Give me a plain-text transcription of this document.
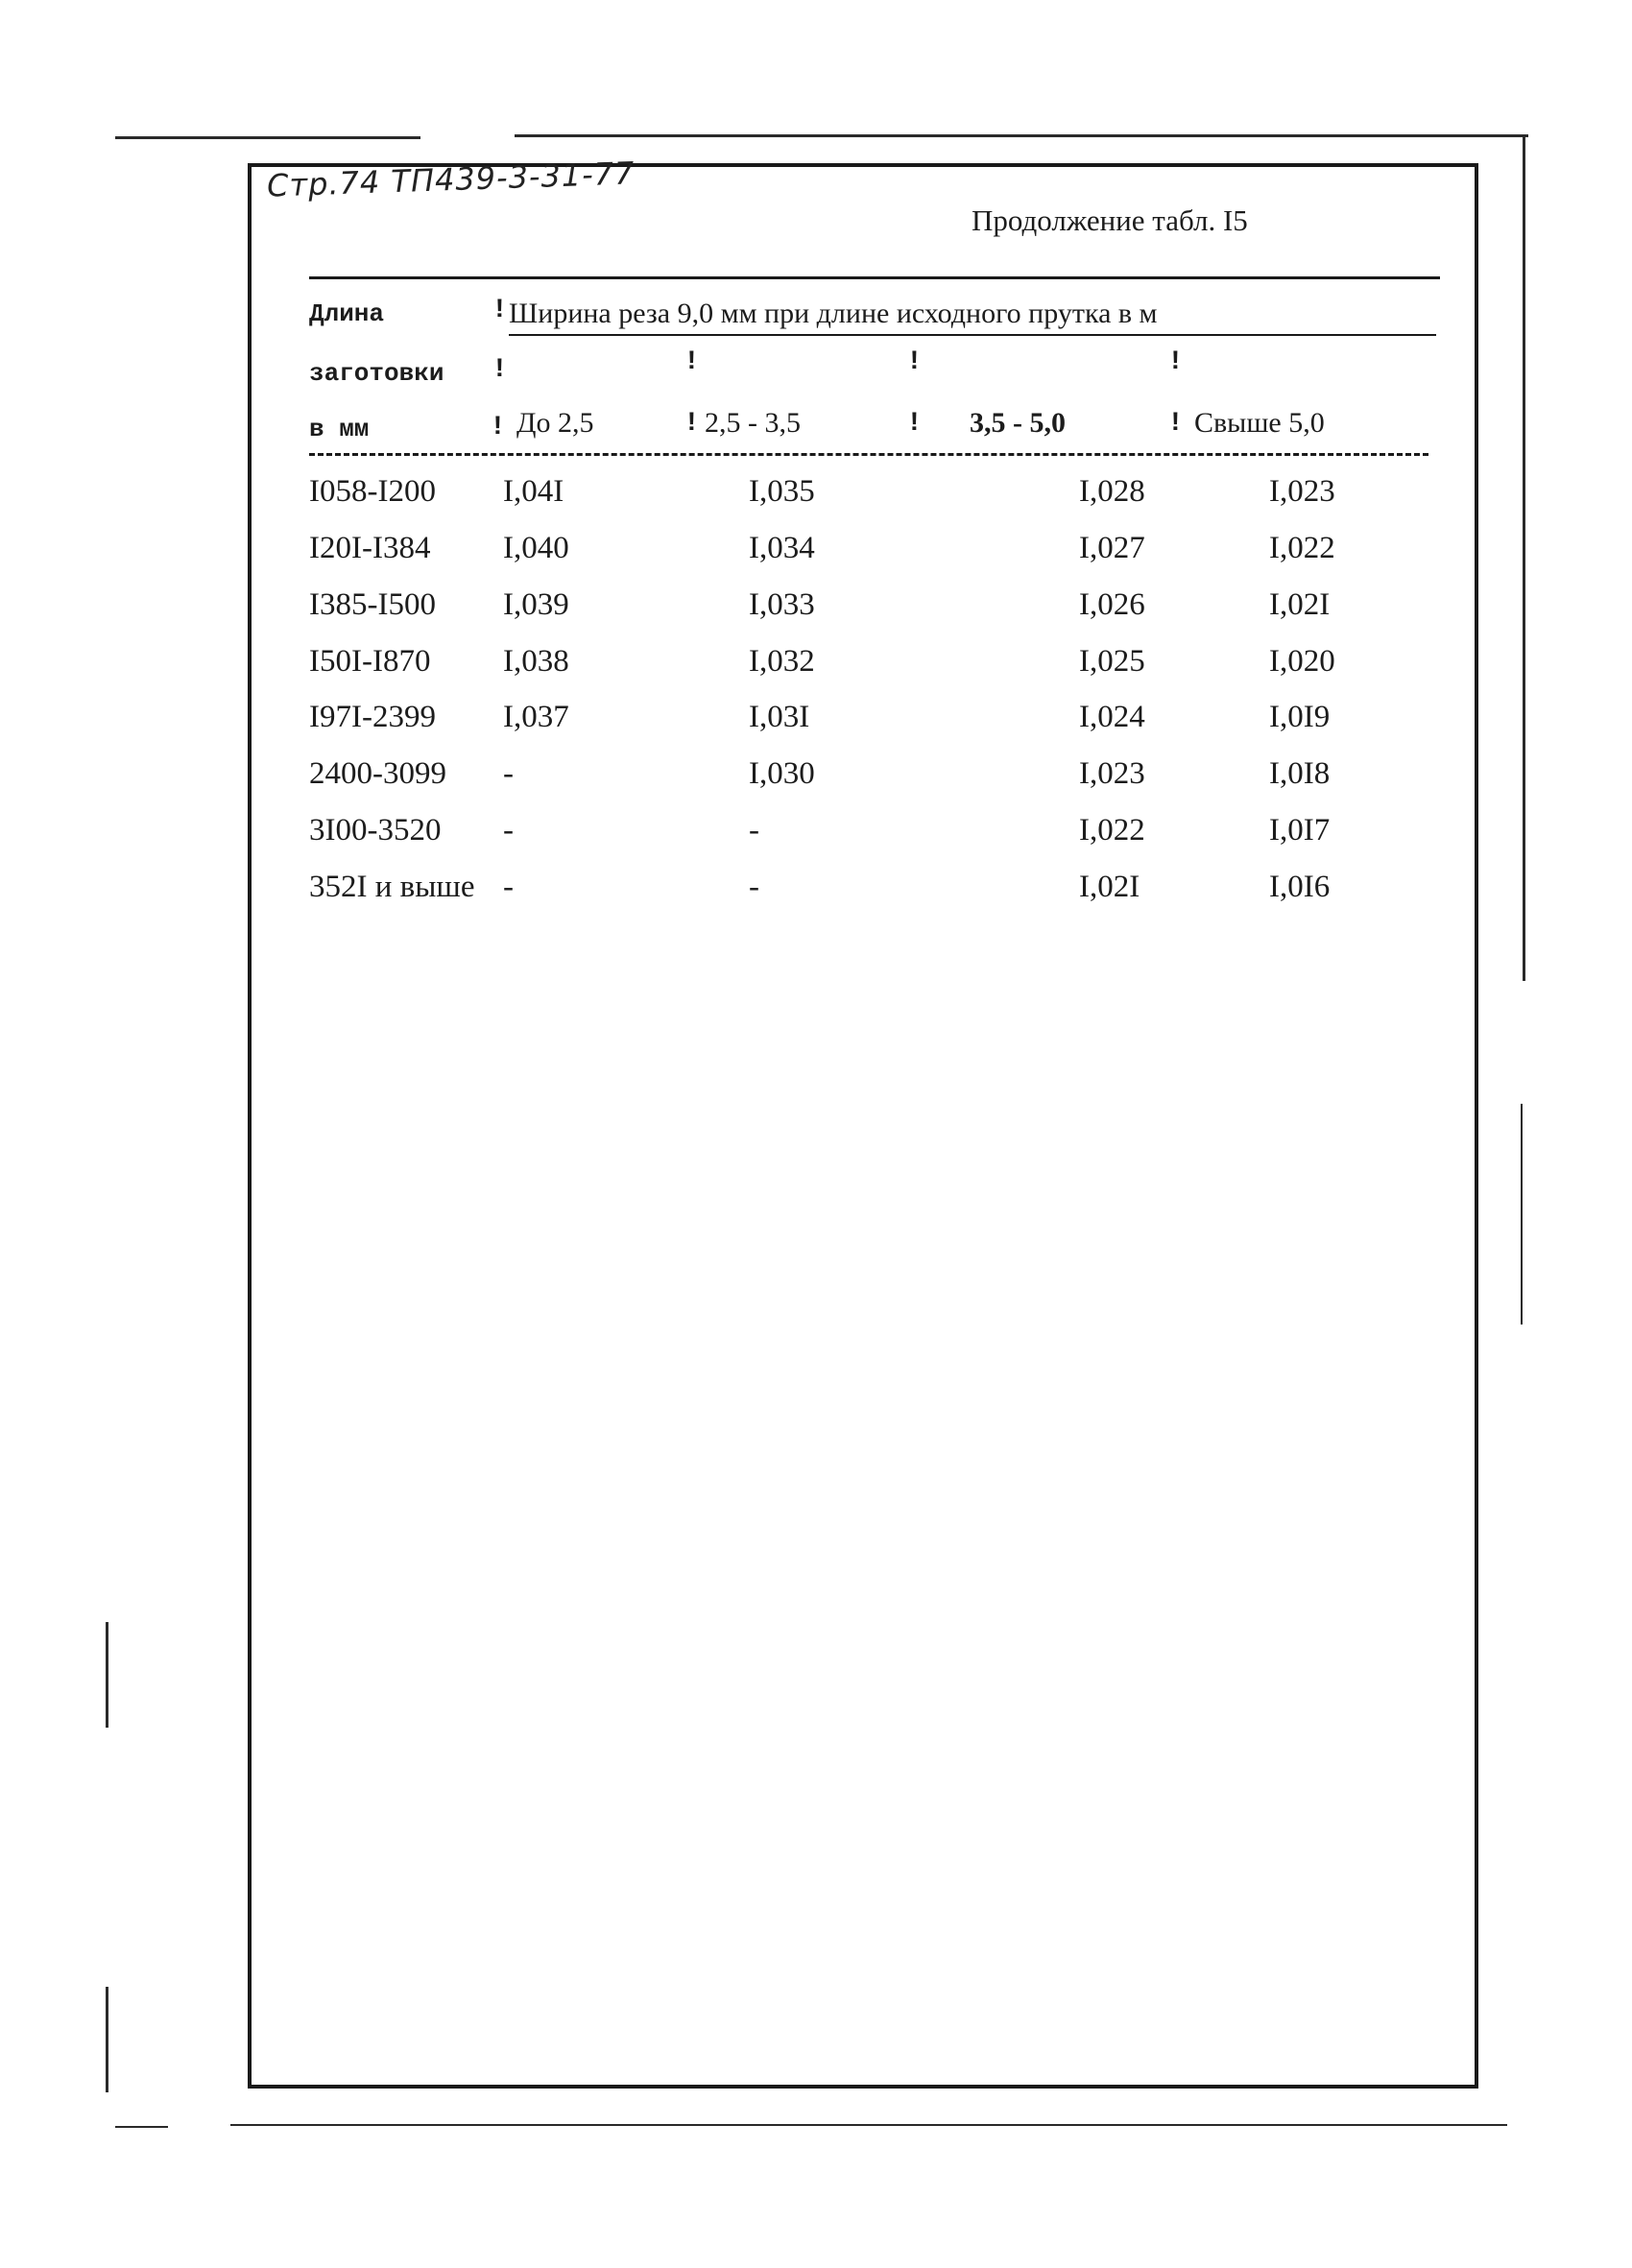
Стр.74 ТП439-3-31-77
Продолжение табл. I5
Длина
заготовки
в мм
!
!
!
Ширина реза 9,0 мм при длине исходного прутка в м
!	!	!
До 2,5	! 2,5 - 3,5	! 3,5 - 5,0	! Свыше 5,0
I058-I200 I,04I	I,035	I,028	I,023
I20I-I384 I,040	I,034	I,027	I,022
I385-I500 I,039	I,033	I,026	I,02I
I50I-I870 I,038	I,032	I,025	I,020
I97I-2399 I,037	I,03I	I,024	I,0I9
2400-3099 -	I,030	I,023	I,0I8
3I00-3520 -	-	I,022	I,0I7
352I и выше -	-	I,02I	I,0I6
